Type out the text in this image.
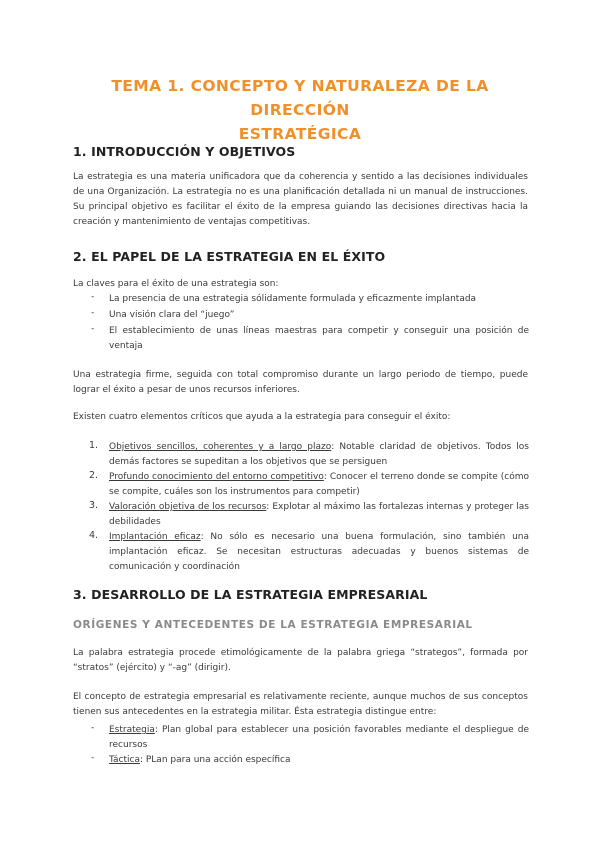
TEMA 1. CONCEPTO Y NATURALEZA DE LA DIRECCIÓN
ESTRATÉGICA
1. INTRODUCCIÓN Y OBJETIVOS
La estrategia es una materia unificadora que da coherencia y sentido a las decisiones individuales de una Organización. La estrategia no es una planificación detallada ni un manual de instrucciones. Su principal objetivo es facilitar el éxito de la empresa guiando las decisiones directivas hacia la creación y mantenimiento de ventajas competitivas.
2. EL PAPEL DE LA ESTRATEGIA EN EL ÉXITO
La claves para el éxito de una estrategia son:
- La presencia de una estrategia sólidamente formulada y eficazmente implantada
- Una visión clara del “juego”
- El establecimiento de unas líneas maestras para competir y conseguir una posición de ventaja
Una estrategia firme, seguida con total compromiso durante un largo periodo de tiempo, puede lograr el éxito a pesar de unos recursos inferiores.
Existen cuatro elementos críticos que ayuda a la estrategia para conseguir el éxito:
1. Objetivos sencillos, coherentes y a largo plazo: Notable claridad de objetivos. Todos los demás factores se supeditan a los objetivos que se persiguen
2. Profundo conocimiento del entorno competitivo: Conocer el terreno donde se compite (cómo se compite, cuáles son los instrumentos para competir)
3. Valoración objetiva de los recursos: Explotar al máximo las fortalezas internas y proteger las debilidades
4. Implantación eficaz: No sólo es necesario una buena formulación, sino también una implantación eficaz. Se necesitan estructuras adecuadas y buenos sistemas de comunicación y coordinación
3. DESARROLLO DE LA ESTRATEGIA EMPRESARIAL
ORÍGENES Y ANTECEDENTES DE LA ESTRATEGIA EMPRESARIAL
La palabra estrategia procede etimológicamente de la palabra griega “strategos”, formada por “stratos” (ejército) y “-ag” (dirigir).
El concepto de estrategia empresarial es relativamente reciente, aunque muchos de sus conceptos tienen sus antecedentes en la estrategia militar. Ésta estrategia distingue entre:
- Estrategia: Plan global para establecer una posición favorables mediante el despliegue de recursos
- Táctica: PLan para una acción específica
